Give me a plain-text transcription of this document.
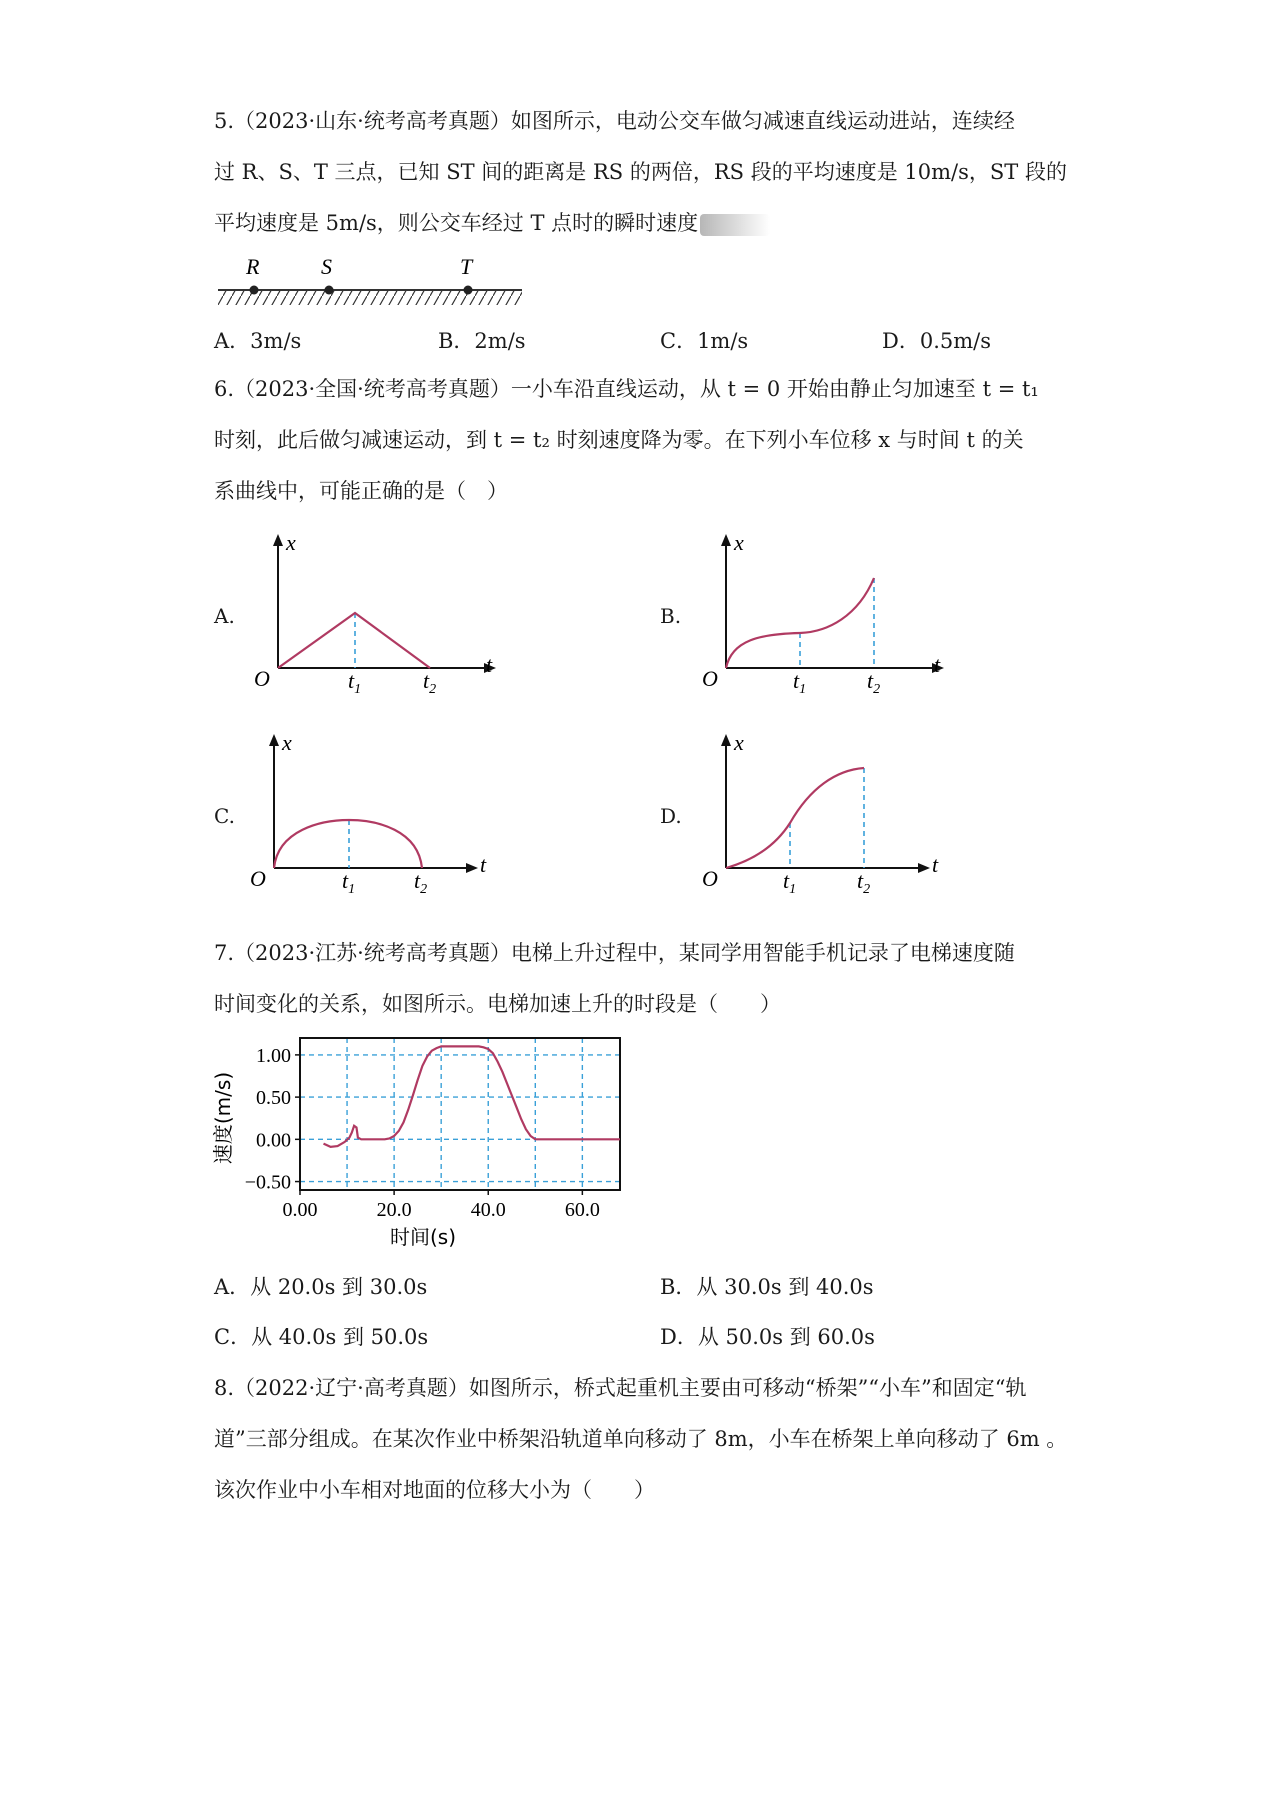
5.（2023·山东·统考高考真题）如图所示，电动公交车做匀减速直线运动进站，连续经
过 R、S、T 三点，已知 ST 间的距离是 RS 的两倍，RS 段的平均速度是 10m/s，ST 段的
平均速度是 5m/s，则公交车经过 T 点时的瞬时速度
R	S	T
A．3m/s	B．2m/s	C．1m/s	D．0.5m/s
6.（2023·全国·统考高考真题）一小车沿直线运动，从 t = 0 开始由静止匀加速至 t = t₁
时刻，此后做匀减速运动，到 t = t₂ 时刻速度降为零。在下列小车位移 x 与时间 t 的关
系曲线中，可能正确的是（　）
A.	B.
C.	D.
x
t
O	$t_1$	$t_2$
x
t
O	$t_1$	$t_2$
x
t
O	$t_1$	$t_2$
x
t
O	$t_1$	$t_2$
7.（2023·江苏·统考高考真题）电梯上升过程中，某同学用智能手机记录了电梯速度随
时间变化的关系，如图所示。电梯加速上升的时段是（　　）
1.00
0.50
0.00
−0.50
0.00	20.0	40.0	60.0
时间(s)
速度(m/s)
A．从 20.0s 到 30.0s	B．从 30.0s 到 40.0s
C．从 40.0s 到 50.0s	D．从 50.0s 到 60.0s
8.（2022·辽宁·高考真题）如图所示，桥式起重机主要由可移动“桥架”“小车”和固定“轨
道”三部分组成。在某次作业中桥架沿轨道单向移动了 8m，小车在桥架上单向移动了 6m 。
该次作业中小车相对地面的位移大小为（　　）
